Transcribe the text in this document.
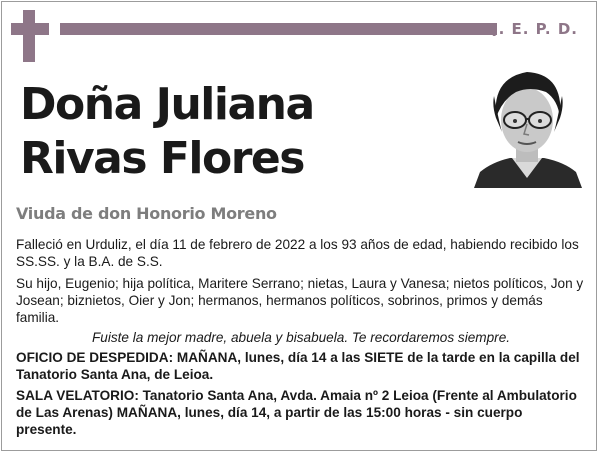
Q. E. P. D.
Doña Juliana
Rivas Flores
Viuda de don Honorio Moreno

Falleció en Urduliz, el día 11 de febrero de 2022 a los 93 años de edad, habiendo recibido los SS.SS. y la B.A. de S.S.

Su hijo, Eugenio; hija política, Maritere Serrano; nietas, Laura y Vanesa; nietos políticos, Jon y Josean; biznietos, Oier y Jon; hermanos, hermanos políticos, sobrinos, primos y demás familia.

Fuiste la mejor madre, abuela y bisabuela. Te recordaremos siempre.

OFICIO DE DESPEDIDA: MAÑANA, lunes, día 14 a las SIETE de la tarde en la capilla del Tanatorio Santa Ana, de Leioa.

SALA VELATORIO: Tanatorio Santa Ana, Avda. Amaia nº 2 Leioa (Frente al Ambulatorio de Las Arenas) MAÑANA, lunes, día 14, a partir de las 15:00 horas - sin cuerpo presente.
